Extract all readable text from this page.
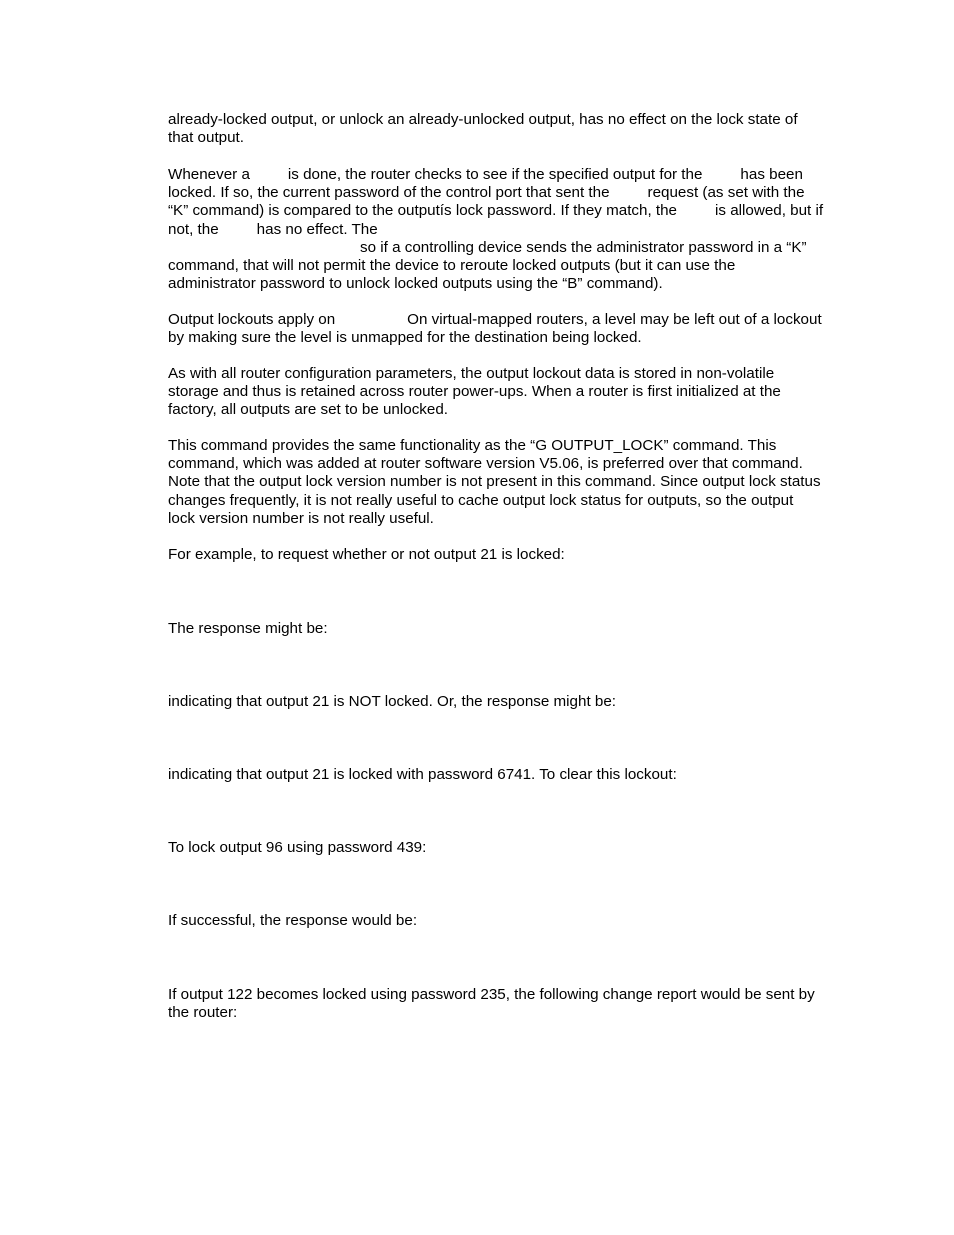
already-locked output, or unlock an already-unlocked output, has no effect on the lock state of
that output.

Whenever a	is done, the router checks to see if the specified output for the	has been
locked. If so, the current password of the control port that sent the	request (as set with the
“K” command) is compared to the outputís lock password. If they match, the	is allowed, but if
not, the	has no effect. The
so if a controlling device sends the administrator password in a “K”
command, that will not permit the device to reroute locked outputs (but it can use the
administrator password to unlock locked outputs using the “B” command).

Output lockouts apply on	On virtual-mapped routers, a level may be left out of a lockout
by making sure the level is unmapped for the destination being locked.

As with all router configuration parameters, the output lockout data is stored in non-volatile
storage and thus is retained across router power-ups. When a router is first initialized at the
factory, all outputs are set to be unlocked.

This command provides the same functionality as the “G OUTPUT_LOCK” command. This
command, which was added at router software version V5.06, is preferred over that command.
Note that the output lock version number is not present in this command. Since output lock status
changes frequently, it is not really useful to cache output lock status for outputs, so the output
lock version number is not really useful.

For example, to request whether or not output 21 is locked:

The response might be:

indicating that output 21 is NOT locked. Or, the response might be:

indicating that output 21 is locked with password 6741. To clear this lockout:

To lock output 96 using password 439:

If successful, the response would be:

If output 122 becomes locked using password 235, the following change report would be sent by
the router:
